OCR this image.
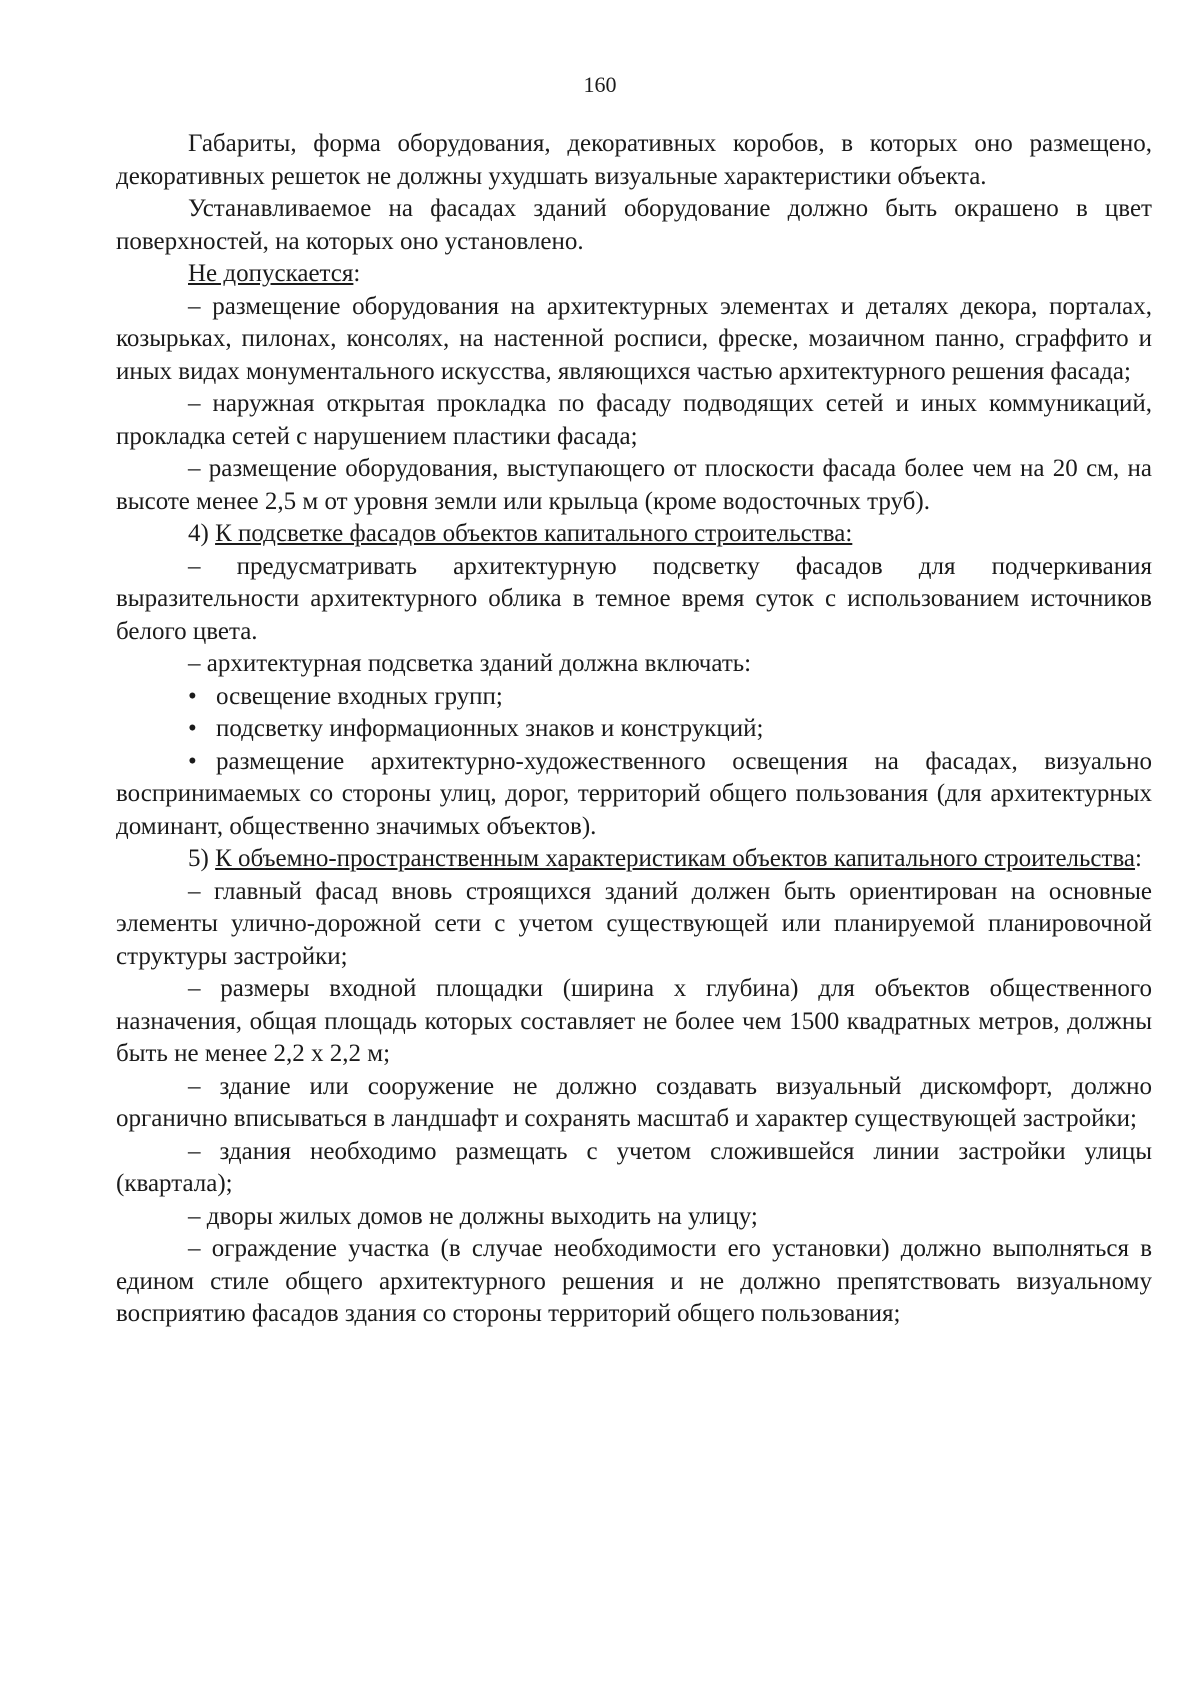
160

Габариты, форма оборудования, декоративных коробов, в которых оно размещено, декоративных решеток не должны ухудшать визуальные характеристики объекта.

Устанавливаемое на фасадах зданий оборудование должно быть окрашено в цвет поверхностей, на которых оно установлено.

Не допускается:

– размещение оборудования на архитектурных элементах и деталях декора, порталах, козырьках, пилонах, консолях, на настенной росписи, фреске, мозаичном панно, сграффито и иных видах монументального искусства, являющихся частью архитектурного решения фасада;

– наружная открытая прокладка по фасаду подводящих сетей и иных коммуникаций, прокладка сетей с нарушением пластики фасада;

– размещение оборудования, выступающего от плоскости фасада более чем на 20 см, на высоте менее 2,5 м от уровня земли или крыльца (кроме водосточных труб).

4) К подсветке фасадов объектов капитального строительства:

– предусматривать архитектурную подсветку фасадов для подчеркивания выразительности архитектурного облика в темное время суток с использованием источников белого цвета.

– архитектурная подсветка зданий должна включать:

• освещение входных групп;

• подсветку информационных знаков и конструкций;

• размещение архитектурно-художественного освещения на фасадах, визуально воспринимаемых со стороны улиц, дорог, территорий общего пользования (для архитектурных доминант, общественно значимых объектов).

5) К объемно-пространственным характеристикам объектов капитального строительства:

– главный фасад вновь строящихся зданий должен быть ориентирован на основные элементы улично-дорожной сети с учетом существующей или планируемой планировочной структуры застройки;

– размеры входной площадки (ширина х глубина) для объектов общественного назначения, общая площадь которых составляет не более чем 1500 квадратных метров, должны быть не менее 2,2 х 2,2 м;

– здание или сооружение не должно создавать визуальный дискомфорт, должно органично вписываться в ландшафт и сохранять масштаб и характер существующей застройки;

– здания необходимо размещать с учетом сложившейся линии застройки улицы (квартала);

– дворы жилых домов не должны выходить на улицу;

– ограждение участка (в случае необходимости его установки) должно выполняться в едином стиле общего архитектурного решения и не должно препятствовать визуальному восприятию фасадов здания со стороны территорий общего пользования;
